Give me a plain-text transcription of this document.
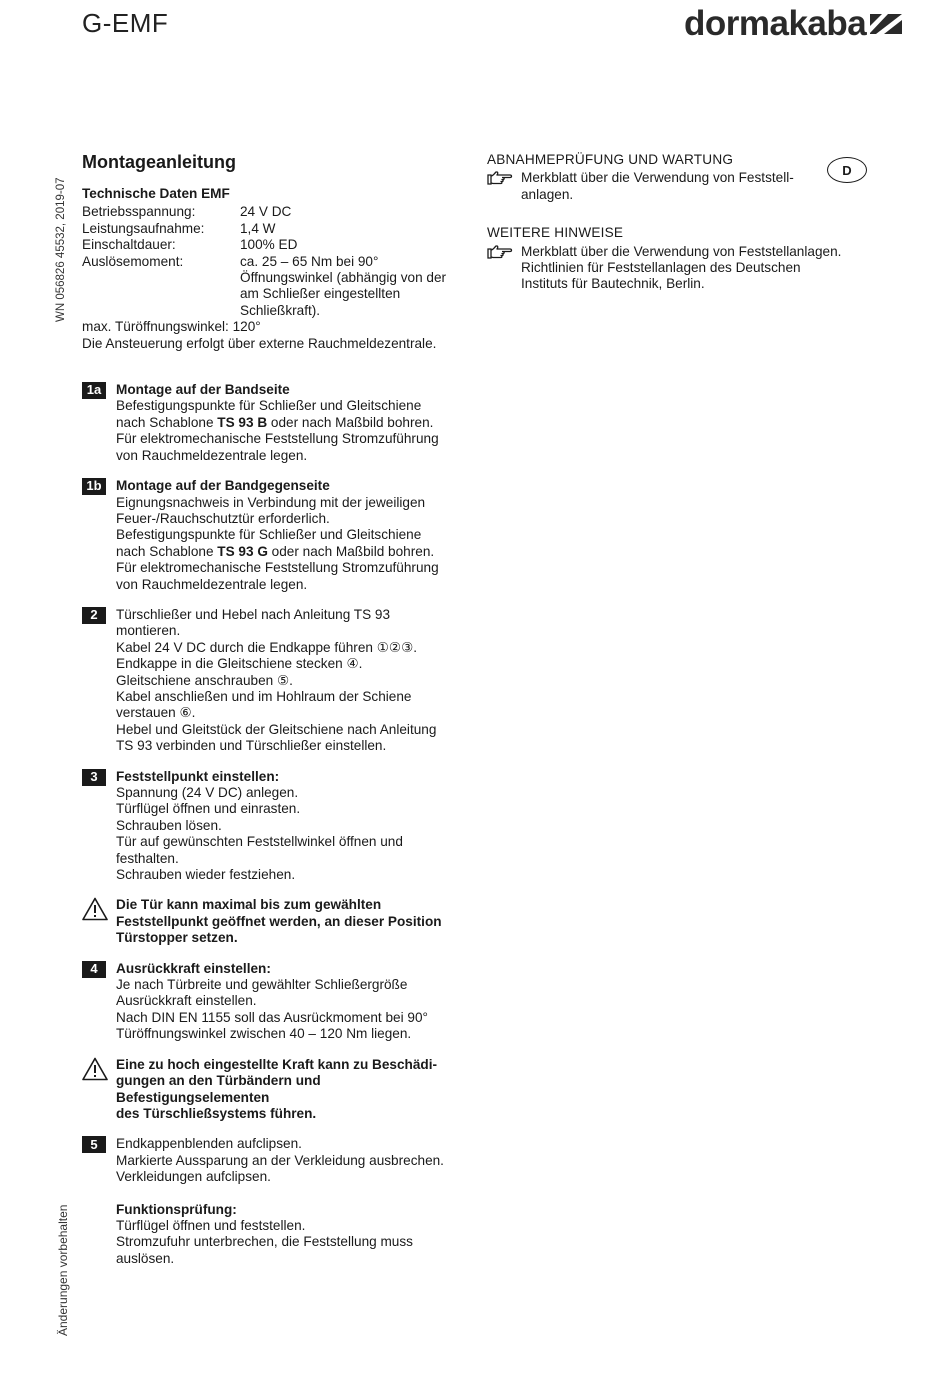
G-EMF	dormakaba
WN 056826 45532, 2019-07
Änderungen vorbehalten
D
Montageanleitung
Technische Daten EMF
Betriebsspannung:	24 V DC
Leistungsaufnahme:	1,4 W
Einschaltdauer:	100% ED
Auslösemoment:	ca. 25 – 65 Nm bei 90°
Öffnungswinkel (abhängig von der
am Schließer eingestellten
Schließkraft).
max. Türöffnungswinkel:
120°
Die Ansteuerung erfolgt über externe Rauchmeldezentrale.
1a	Montage auf der Bandseite
Befestigungspunkte für Schließer und Gleitschiene
nach Schablone TS 93 B oder nach Maßbild bohren.
Für elektromechanische Feststellung Stromzuführung
von Rauchmeldezentrale legen.
1b	Montage auf der Bandgegenseite
Eignungsnachweis in Verbindung mit der jeweiligen
Feuer-/Rauchschutztür erforderlich.
Befestigungspunkte für Schließer und Gleitschiene
nach Schablone TS 93 G oder nach Maßbild bohren.
Für elektromechanische Feststellung Stromzuführung
von Rauchmeldezentrale legen.
2	Türschließer und Hebel nach Anleitung TS 93
montieren.
Kabel 24 V DC durch die Endkappe führen ①②③.
Endkappe in die Gleitschiene stecken ④.
Gleitschiene anschrauben ⑤.
Kabel anschließen und im Hohlraum der Schiene
verstauen ⑥.
Hebel und Gleitstück der Gleitschiene nach Anleitung
TS 93 verbinden und Türschließer einstellen.
3	Feststellpunkt einstellen:
Spannung (24 V DC) anlegen.
Türflügel öffnen und einrasten.
Schrauben lösen.
Tür auf gewünschten Feststellwinkel öffnen und
festhalten.
Schrauben wieder festziehen.
Die Tür kann maximal bis zum gewählten
Feststellpunkt geöffnet werden, an dieser Position
Türstopper setzen.
4	Ausrückkraft einstellen:
Je nach Türbreite und gewählter Schließergröße
Ausrückkraft einstellen.
Nach DIN EN 1155 soll das Ausrückmoment bei 90°
Türöffnungswinkel zwischen 40 – 120 Nm liegen.
Eine zu hoch eingestellte Kraft kann zu Beschädi-
gungen an den Türbändern und Befestigungselementen
des Türschließsystems führen.
5	Endkappenblenden aufclipsen.
Markierte Aussparung an der Verkleidung ausbrechen.
Verkleidungen aufclipsen.
Funktionsprüfung:
Türflügel öffnen und feststellen.
Stromzufuhr unterbrechen, die Feststellung muss
auslösen.
ABNAHMEPRÜFUNG UND WARTUNG
Merkblatt über die Verwendung von Feststell-
anlagen.
WEITERE HINWEISE
Merkblatt über die Verwendung von Feststellanlagen.
Richtlinien für Feststellanlagen des Deutschen
Instituts für Bautechnik, Berlin.
